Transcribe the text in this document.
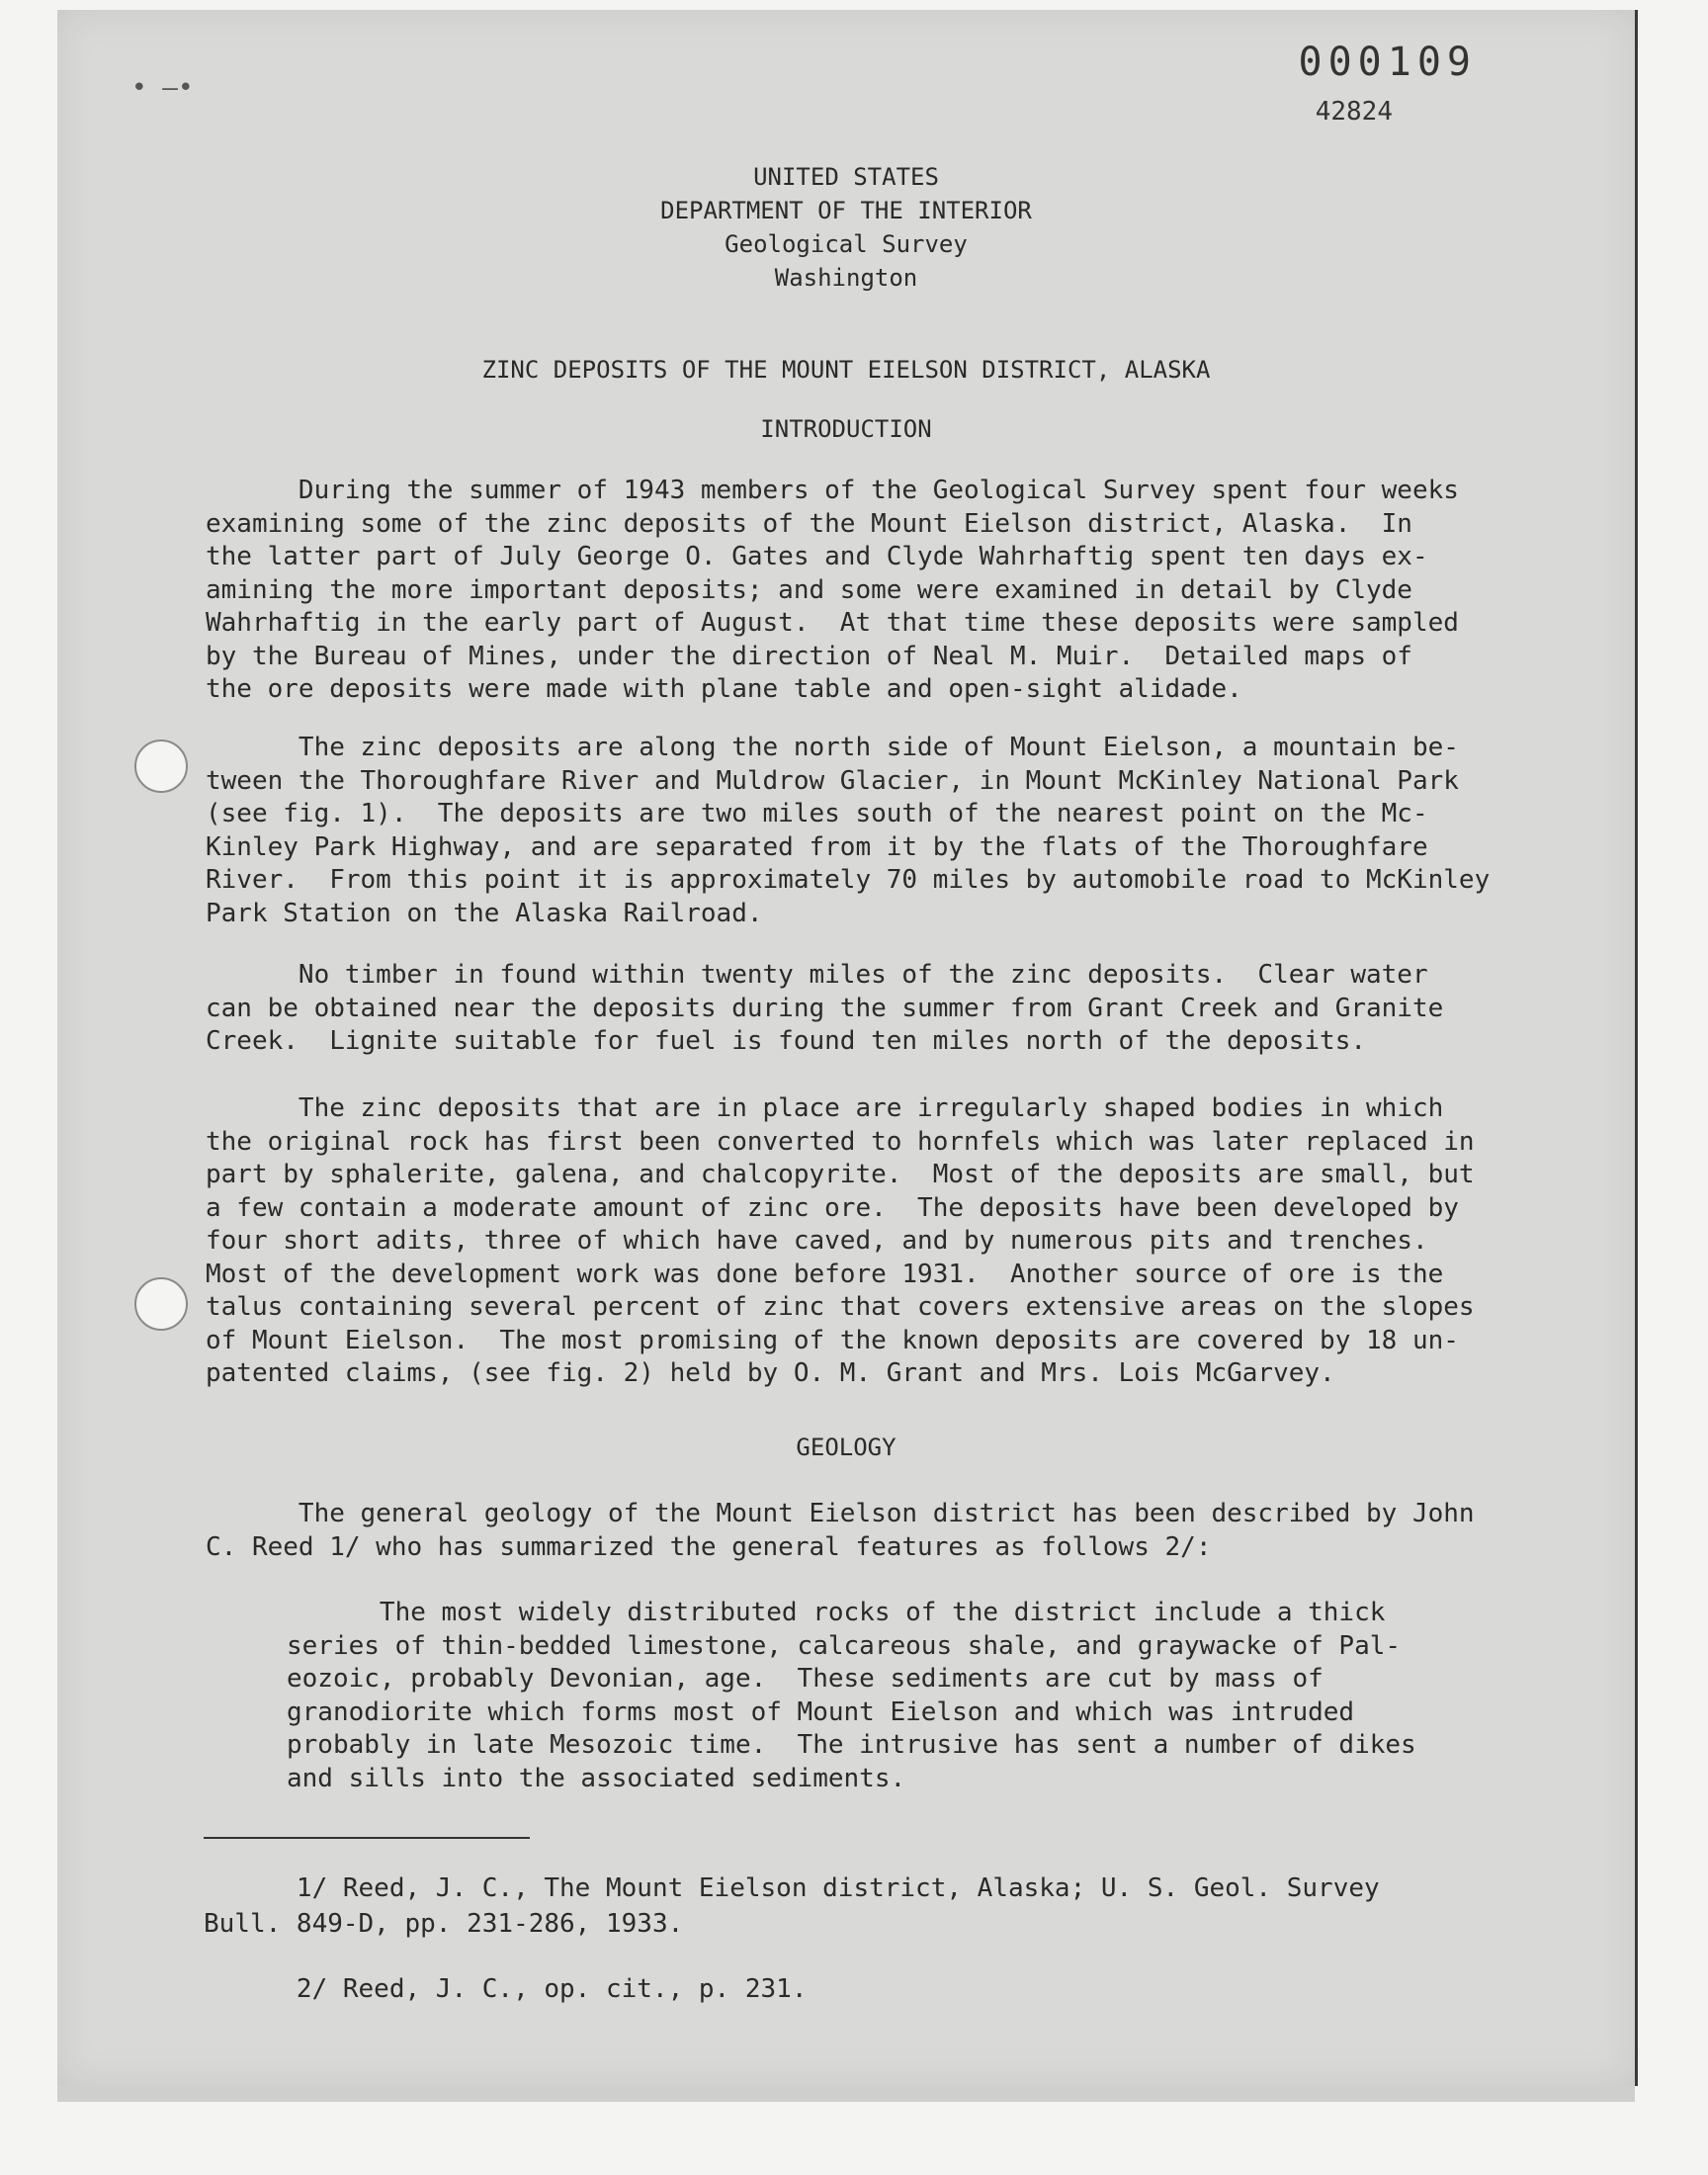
• —•
000109
42824
UNITED STATES
DEPARTMENT OF THE INTERIOR
Geological Survey
Washington
ZINC DEPOSITS OF THE MOUNT EIELSON DISTRICT, ALASKA
INTRODUCTION
During the summer of 1943 members of the Geological Survey spent four weeks
examining some of the zinc deposits of the Mount Eielson district, Alaska.  In
the latter part of July George O. Gates and Clyde Wahrhaftig spent ten days ex-
amining the more important deposits; and some were examined in detail by Clyde
Wahrhaftig in the early part of August.  At that time these deposits were sampled
by the Bureau of Mines, under the direction of Neal M. Muir.  Detailed maps of
the ore deposits were made with plane table and open-sight alidade.
The zinc deposits are along the north side of Mount Eielson, a mountain be-
tween the Thoroughfare River and Muldrow Glacier, in Mount McKinley National Park
(see fig. 1).  The deposits are two miles south of the nearest point on the Mc-
Kinley Park Highway, and are separated from it by the flats of the Thoroughfare
River.  From this point it is approximately 70 miles by automobile road to McKinley
Park Station on the Alaska Railroad.
No timber in found within twenty miles of the zinc deposits.  Clear water
can be obtained near the deposits during the summer from Grant Creek and Granite
Creek.  Lignite suitable for fuel is found ten miles north of the deposits.
The zinc deposits that are in place are irregularly shaped bodies in which
the original rock has first been converted to hornfels which was later replaced in
part by sphalerite, galena, and chalcopyrite.  Most of the deposits are small, but
a few contain a moderate amount of zinc ore.  The deposits have been developed by
four short adits, three of which have caved, and by numerous pits and trenches.
Most of the development work was done before 1931.  Another source of ore is the
talus containing several percent of zinc that covers extensive areas on the slopes
of Mount Eielson.  The most promising of the known deposits are covered by 18 un-
patented claims, (see fig. 2) held by O. M. Grant and Mrs. Lois McGarvey.
GEOLOGY
The general geology of the Mount Eielson district has been described by John
C. Reed 1/ who has summarized the general features as follows 2/:
The most widely distributed rocks of the district include a thick
series of thin-bedded limestone, calcareous shale, and graywacke of Pal-
eozoic, probably Devonian, age.  These sediments are cut by mass of
granodiorite which forms most of Mount Eielson and which was intruded
probably in late Mesozoic time.  The intrusive has sent a number of dikes
and sills into the associated sediments.
1/ Reed, J. C., The Mount Eielson district, Alaska; U. S. Geol. Survey
Bull. 849-D, pp. 231-286, 1933.
2/ Reed, J. C., op. cit., p. 231.
